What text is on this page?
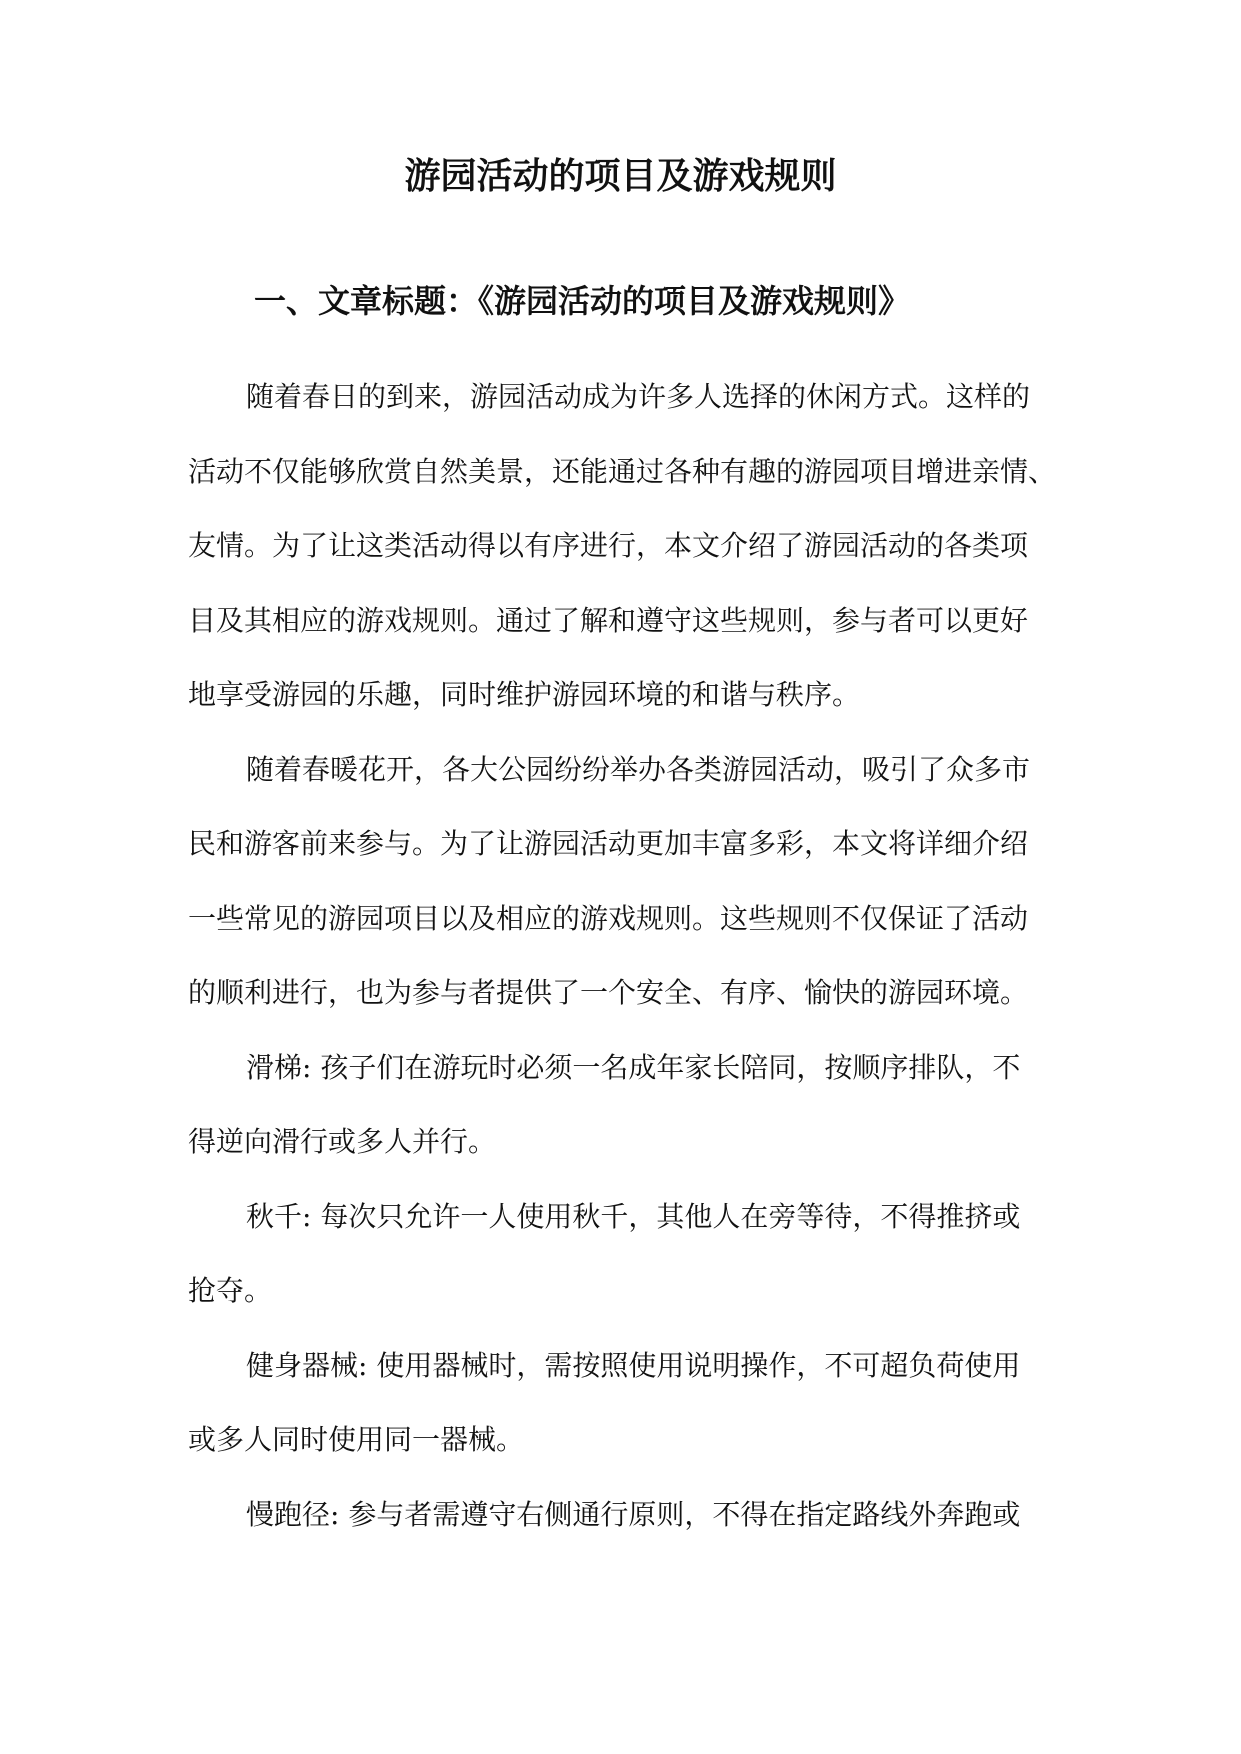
游园活动的项目及游戏规则
一、文章标题：《游园活动的项目及游戏规则》

随着春日的到来，游园活动成为许多人选择的休闲方式。这样的
活动不仅能够欣赏自然美景，还能通过各种有趣的游园项目增进亲情、
友情。为了让这类活动得以有序进行，本文介绍了游园活动的各类项
目及其相应的游戏规则。通过了解和遵守这些规则，参与者可以更好
地享受游园的乐趣，同时维护游园环境的和谐与秩序。

随着春暖花开，各大公园纷纷举办各类游园活动，吸引了众多市
民和游客前来参与。为了让游园活动更加丰富多彩，本文将详细介绍
一些常见的游园项目以及相应的游戏规则。这些规则不仅保证了活动
的顺利进行，也为参与者提供了一个安全、有序、愉快的游园环境。

滑梯: 孩子们在游玩时必须一名成年家长陪同，按顺序排队，不
得逆向滑行或多人并行。

秋千: 每次只允许一人使用秋千，其他人在旁等待，不得推挤或
抢夺。

健身器械: 使用器械时，需按照使用说明操作，不可超负荷使用
或多人同时使用同一器械。

慢跑径: 参与者需遵守右侧通行原则，不得在指定路线外奔跑或
